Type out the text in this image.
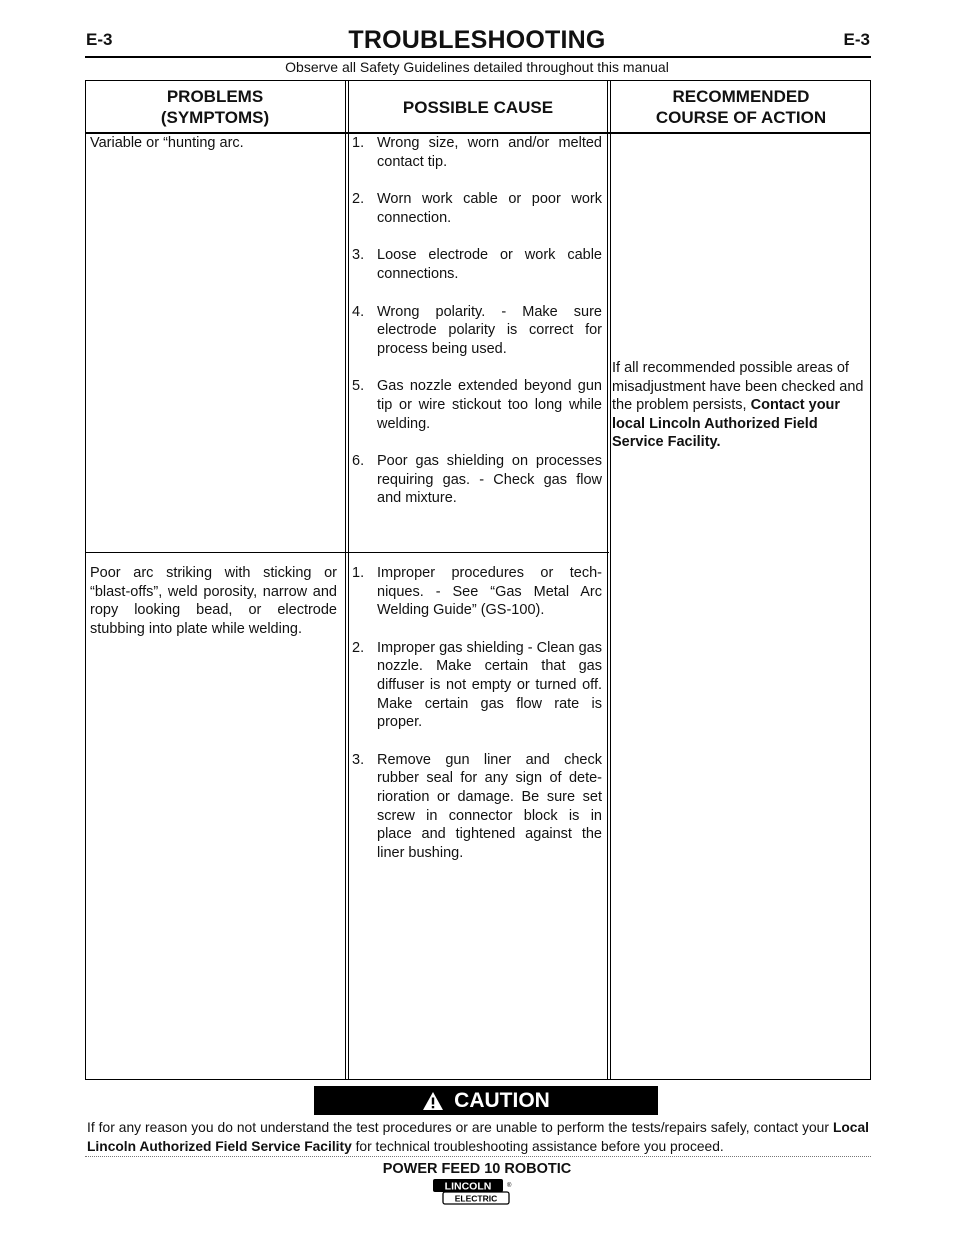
E-3	E-3
TROUBLESHOOTING
Observe all Safety Guidelines detailed throughout this manual
PROBLEMS
(SYMPTOMS)
POSSIBLE CAUSE
RECOMMENDED
COURSE OF ACTION
Variable or “hunting arc.	1. Wrong size, worn and/or melted contact tip.
2. Worn work cable or poor work connection.
3. Loose electrode or work cable connections.
4. Wrong polarity. - Make sure electrode polarity is correct for process being used.
5. Gas nozzle extended beyond gun tip or wire stickout too long while welding.
6. Poor gas shielding on processes requiring gas. - Check gas flow and mixture.
Poor arc striking with sticking or “blast-offs”, weld porosity, narrow and ropy looking bead, or electrode stubbing into plate while welding.
1. Improper procedures or tech-niques. - See “Gas Metal Arc Welding Guide” (GS-100).
2. Improper gas shielding - Clean gas nozzle. Make certain that gas diffuser is not empty or turned off. Make certain gas flow rate is proper.
3. Remove gun liner and check rubber seal for any sign of dete-rioration or damage. Be sure set screw in connector block is in place and tightened against the liner bushing.
If all recommended possible areas of misadjustment have been checked and the problem persists, Contact your local Lincoln Authorized Field Service Facility.
CAUTION
If for any reason you do not understand the test procedures or are unable to perform the tests/repairs safely, contact your Local Lincoln Authorized Field Service Facility for technical troubleshooting assistance before you proceed.
POWER FEED 10 ROBOTIC
LINCOLN
ELECTRIC
®
